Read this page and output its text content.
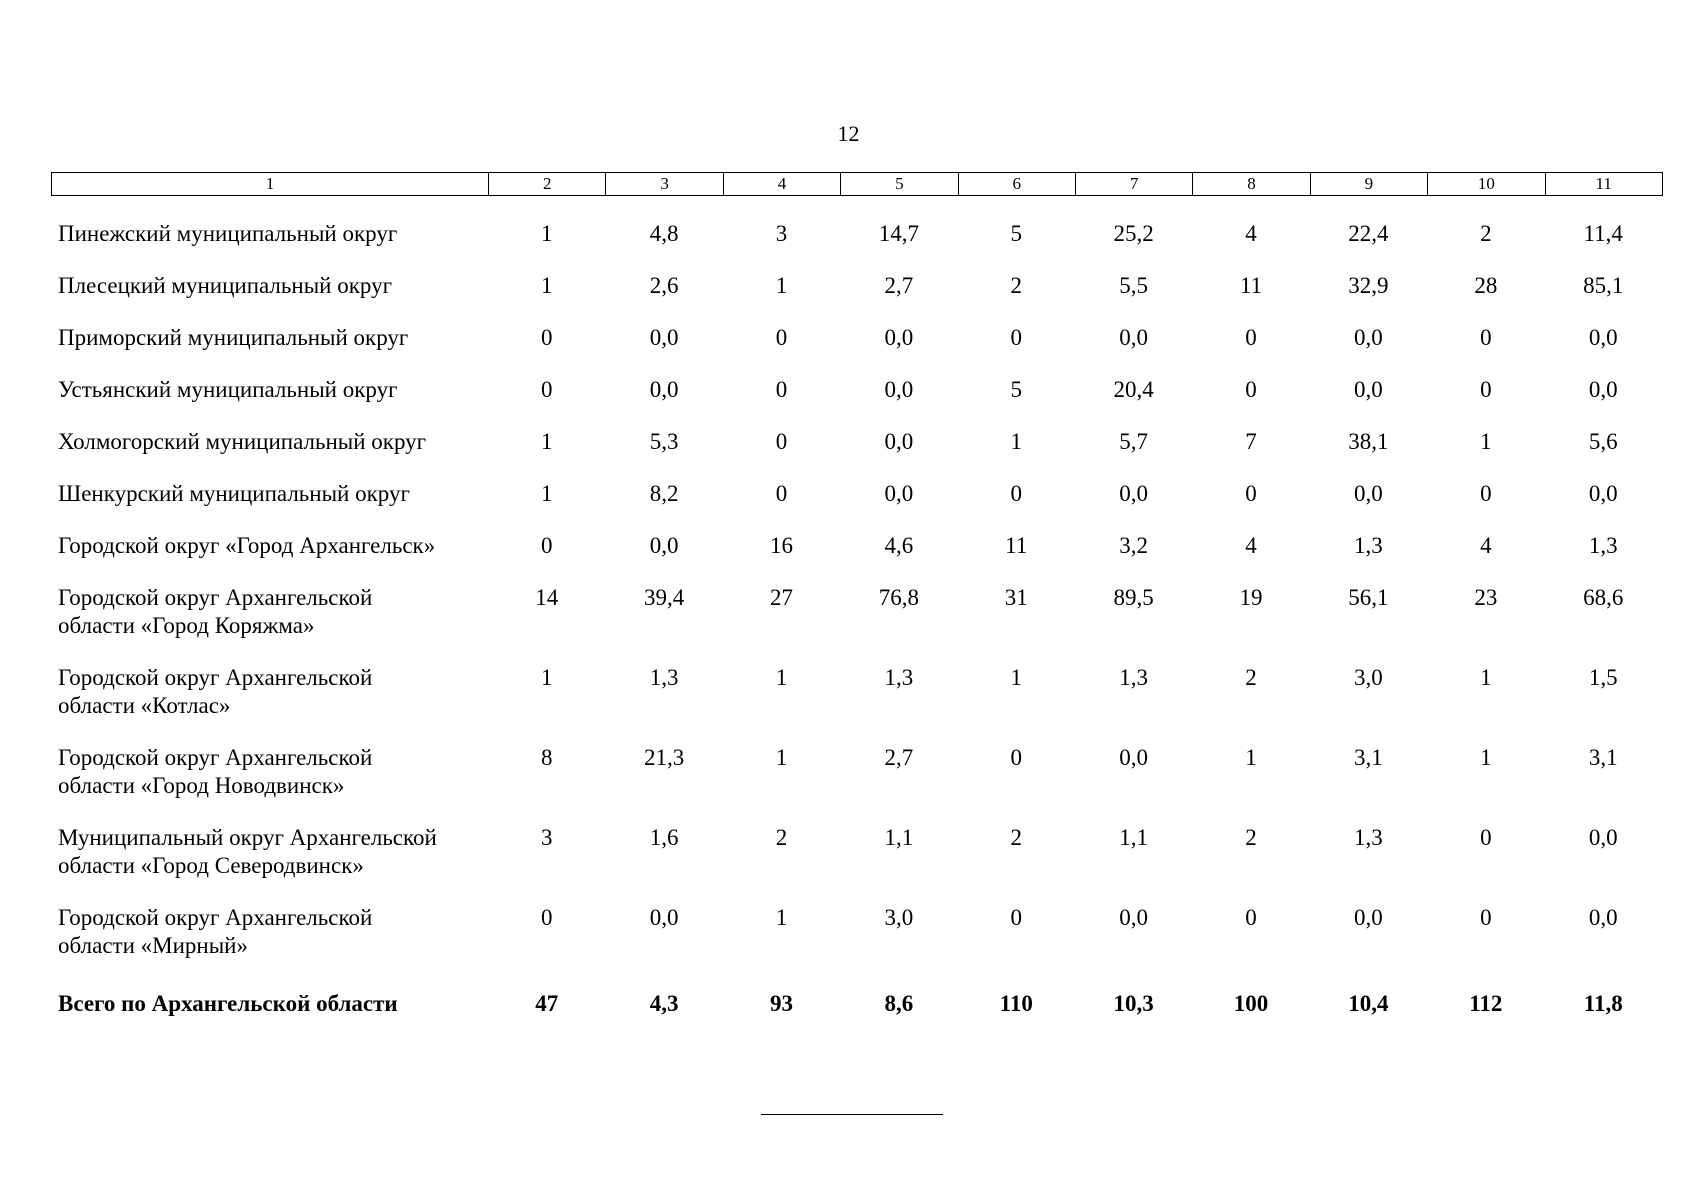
12
1	2	3	4	5	6	7	8	9	10	11
Пинежский муниципальный округ	1	4,8	3	14,7	5	25,2	4	22,4	2	11,4
Плесецкий муниципальный округ	1	2,6	1	2,7	2	5,5	11	32,9	28	85,1
Приморский муниципальный округ	0	0,0	0	0,0	0	0,0	0	0,0	0	0,0
Устьянский муниципальный округ	0	0,0	0	0,0	5	20,4	0	0,0	0	0,0
Холмогорский муниципальный округ	1	5,3	0	0,0	1	5,7	7	38,1	1	5,6
Шенкурский муниципальный округ	1	8,2	0	0,0	0	0,0	0	0,0	0	0,0
Городской округ «Город Архангельск»	0	0,0	16	4,6	11	3,2	4	1,3	4	1,3

Городской округ Архангельской
области «Город Коряжма»	14	39,4	27	76,8	31	89,5	19	56,1	23	68,6

Городской округ Архангельской
области «Котлас»	1	1,3	1	1,3	1	1,3	2	3,0	1	1,5

Городской округ Архангельской
области «Город Новодвинск»	8	21,3	1	2,7	0	0,0	1	3,1	1	3,1

Муниципальный округ Архангельской
области «Город Северодвинск»	3	1,6	2	1,1	2	1,1	2	1,3	0	0,0

Городской округ Архангельской
области «Мирный»	0	0,0	1	3,0	0	0,0	0	0,0	0	0,0
Всего по Архангельской области	47	4,3	93	8,6	110	10,3	100	10,4	112	11,8
